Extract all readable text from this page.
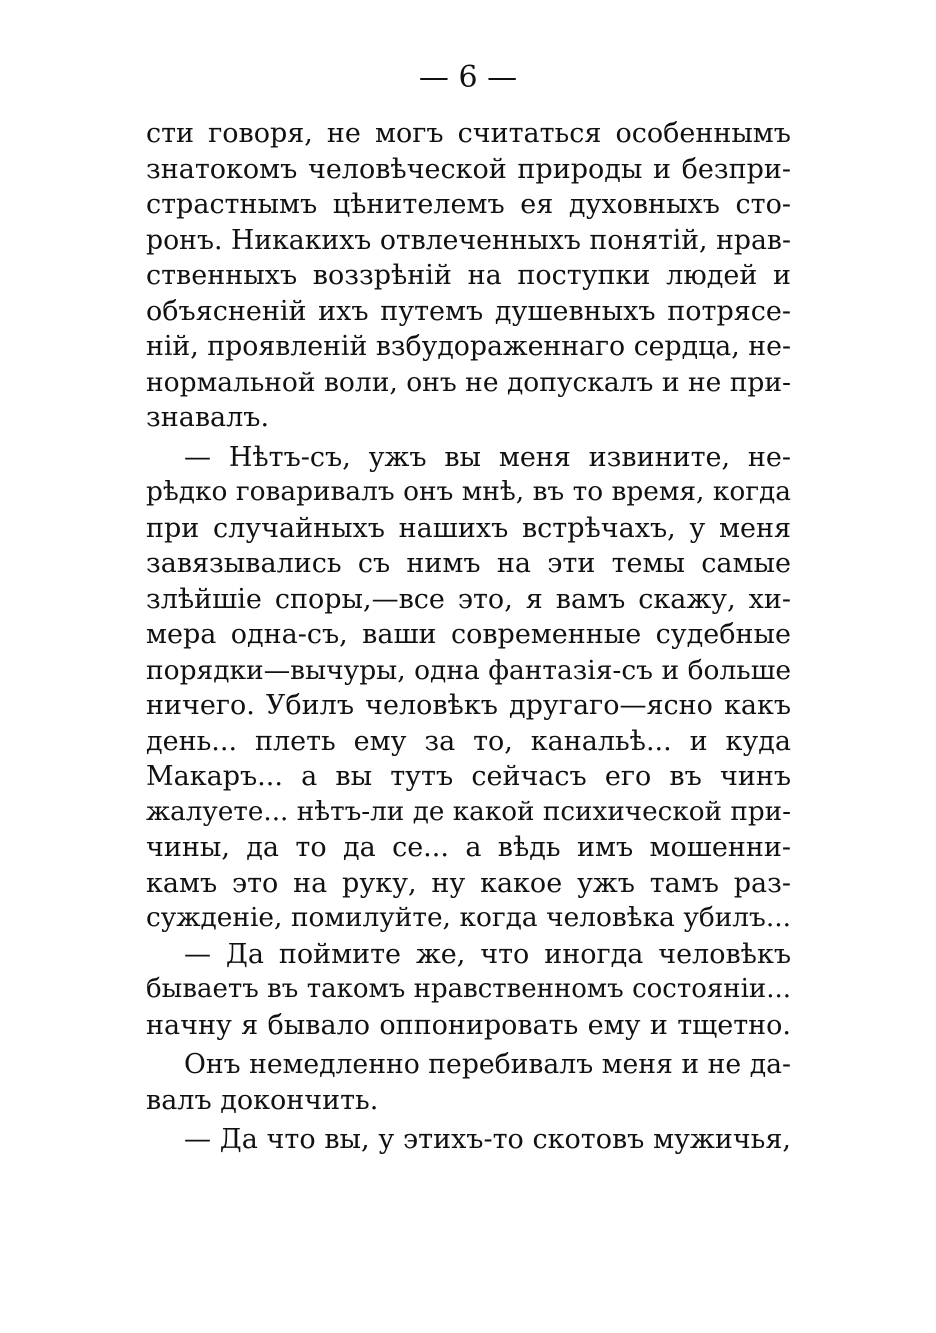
— 6 —
сти говоря, не могъ считаться особеннымъ
знатокомъ человѣческой природы и безпри-
страстнымъ цѣнителемъ ея духовныхъ сто-
ронъ. Никакихъ отвлеченныхъ понятій, нрав-
ственныхъ воззрѣній на поступки людей и
объясненій ихъ путемъ душевныхъ потрясе-
ній, проявленій взбудораженнаго сердца, не-
нормальной воли, онъ не допускалъ и не при-
знавалъ.
— Нѣтъ-съ, ужъ вы меня извините, не-
рѣдко говаривалъ онъ мнѣ, въ то время, когда
при случайныхъ нашихъ встрѣчахъ, у меня
завязывались съ нимъ на эти темы самые
злѣйшіе споры,—все это, я вамъ скажу, хи-
мера одна-съ, ваши современные судебные
порядки—вычуры, одна фантазія-съ и больше
ничего. Убилъ человѣкъ другаго—ясно какъ
день... плеть ему за то, канальѣ... и куда
Макаръ... а вы тутъ сейчасъ его въ чинъ
жалуете... нѣтъ-ли де какой психической при-
чины, да то да се... а вѣдь имъ мошенни-
камъ это на руку, ну какое ужъ тамъ раз-
сужденіе, помилуйте, когда человѣка убилъ...
— Да поймите же, что иногда человѣкъ
бываетъ въ такомъ нравственномъ состояніи...
начну я бывало оппонировать ему и тщетно.
Онъ немедленно перебивалъ меня и не да-
валъ докончить.
— Да что вы, у этихъ-то скотовъ мужичья,
